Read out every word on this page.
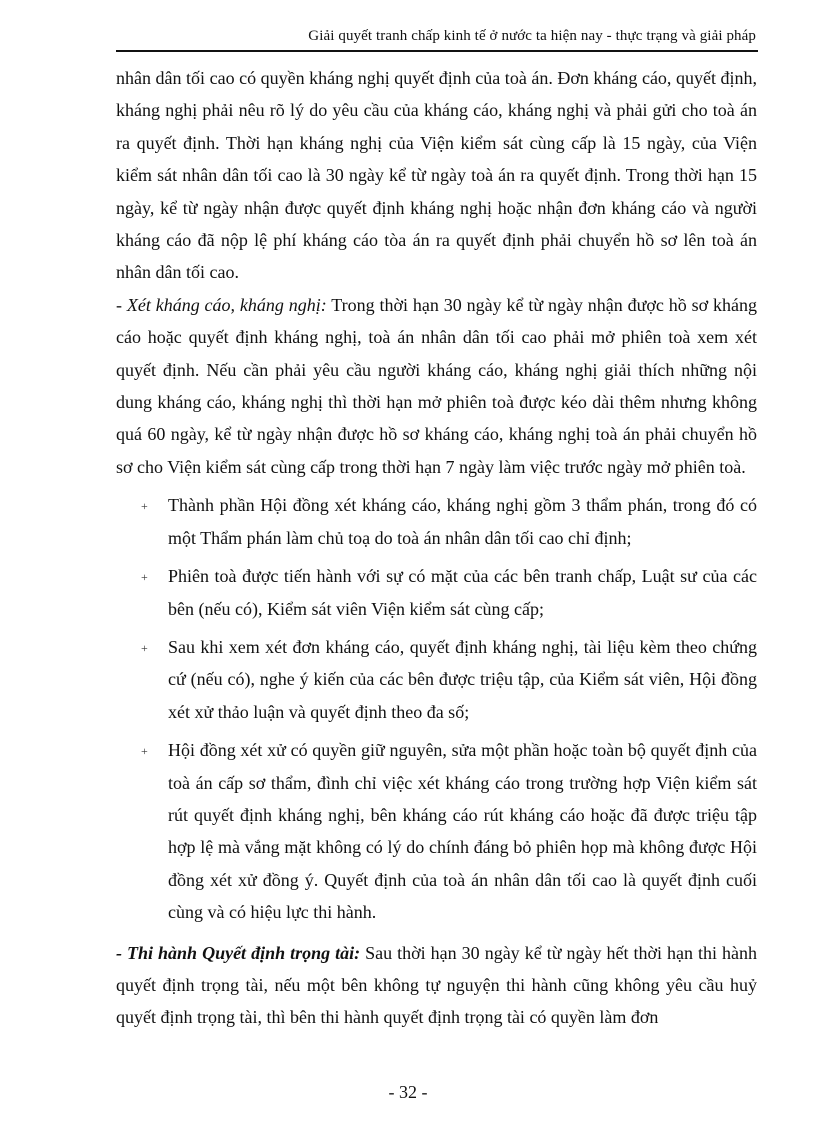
Giải quyết tranh chấp kinh tế ở nước ta hiện nay - thực trạng và giải pháp

nhân dân tối cao có quyền kháng nghị quyết định của toà án. Đơn kháng cáo, quyết định, kháng nghị phải nêu rõ lý do yêu cầu của kháng cáo, kháng nghị và phải gửi cho toà án ra quyết định. Thời hạn kháng nghị của Viện kiểm sát cùng cấp là 15 ngày, của Viện kiểm sát nhân dân tối cao là 30 ngày kể từ ngày toà án ra quyết định. Trong thời hạn 15 ngày, kể từ ngày nhận được quyết định kháng nghị hoặc nhận đơn kháng cáo và người kháng cáo đã nộp lệ phí kháng cáo tòa án ra quyết định phải chuyển hồ sơ lên toà án nhân dân tối cao.

- Xét kháng cáo, kháng nghị: Trong thời hạn 30 ngày kể từ ngày nhận được hồ sơ kháng cáo hoặc quyết định kháng nghị, toà án nhân dân tối cao phải mở phiên toà xem xét quyết định. Nếu cần phải yêu cầu người kháng cáo, kháng nghị giải thích những nội dung kháng cáo, kháng nghị thì thời hạn mở phiên toà được kéo dài thêm nhưng không quá 60 ngày, kể từ ngày nhận được hồ sơ kháng cáo, kháng nghị toà án phải chuyển hồ sơ cho Viện kiểm sát cùng cấp trong thời hạn 7 ngày làm việc trước ngày mở phiên toà.

+ Thành phần Hội đồng xét kháng cáo, kháng nghị gồm 3 thẩm phán, trong đó có một Thẩm phán làm chủ toạ do toà án nhân dân tối cao chỉ định;
+ Phiên toà được tiến hành với sự có mặt của các bên tranh chấp, Luật sư của các bên (nếu có), Kiểm sát viên Viện kiểm sát cùng cấp;
+ Sau khi xem xét đơn kháng cáo, quyết định kháng nghị, tài liệu kèm theo chứng cứ (nếu có), nghe ý kiến của các bên được triệu tập, của Kiểm sát viên, Hội đồng xét xử thảo luận và quyết định theo đa số;
+ Hội đồng xét xử có quyền giữ nguyên, sửa một phần hoặc toàn bộ quyết định của toà án cấp sơ thẩm, đình chỉ việc xét kháng cáo trong trường hợp Viện kiểm sát rút quyết định kháng nghị, bên kháng cáo rút kháng cáo hoặc đã được triệu tập hợp lệ mà vắng mặt không có lý do chính đáng bỏ phiên họp mà không được Hội đồng xét xử đồng ý. Quyết định của toà án nhân dân tối cao là quyết định cuối cùng và có hiệu lực thi hành.

- Thi hành Quyết định trọng tài: Sau thời hạn 30 ngày kể từ ngày hết thời hạn thi hành quyết định trọng tài, nếu một bên không tự nguyện thi hành cũng không yêu cầu huỷ quyết định trọng tài, thì bên thi hành quyết định trọng tài có quyền làm đơn

- 32 -
